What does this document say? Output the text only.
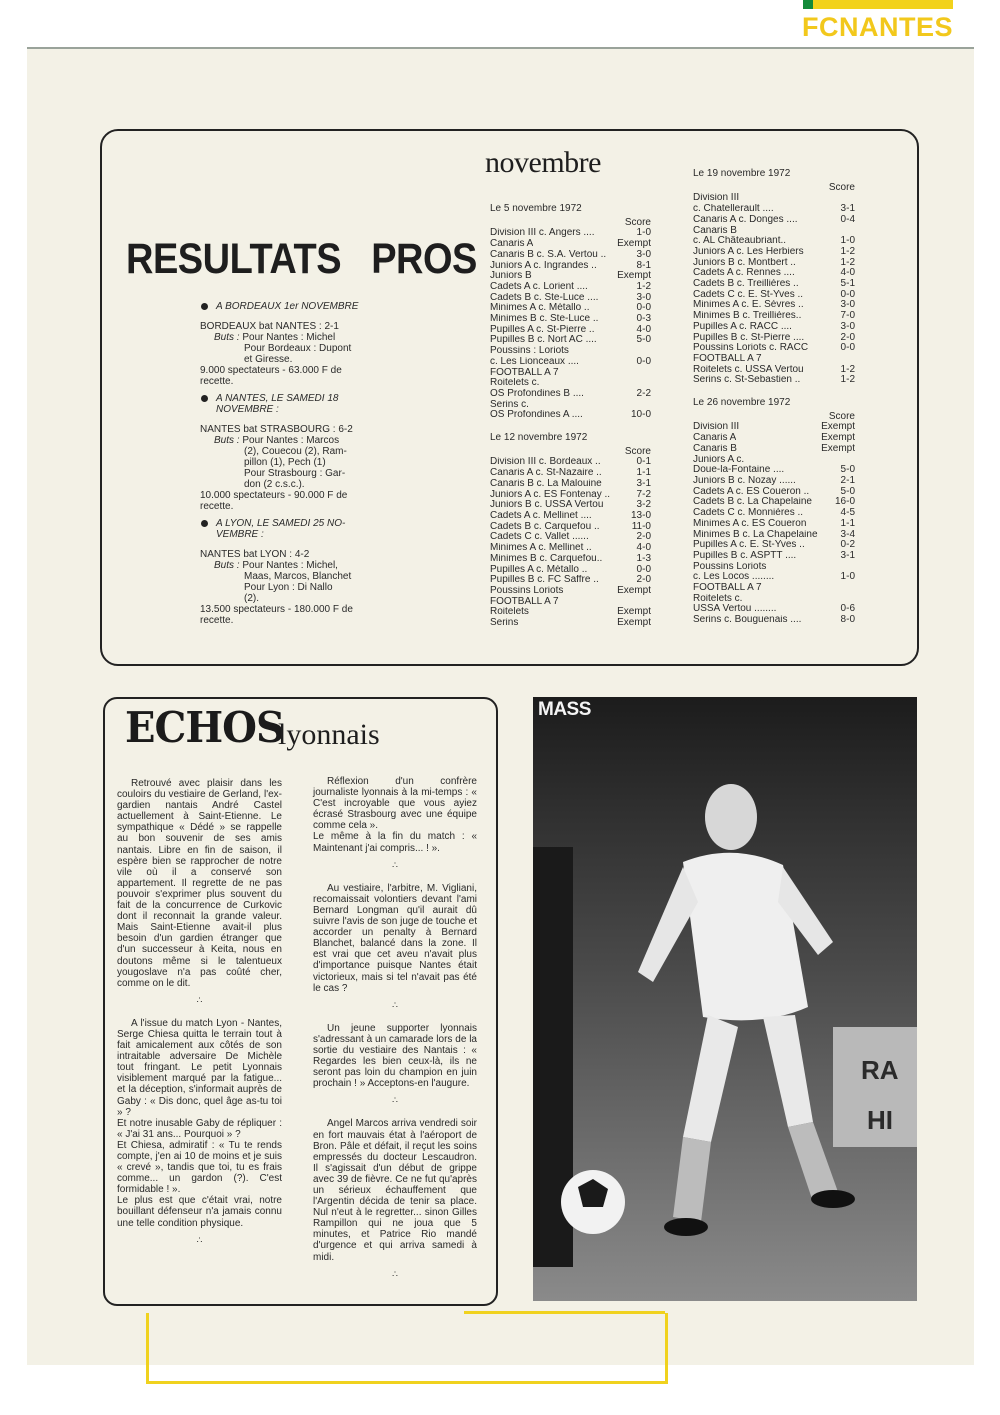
FCNANTES
RESULTATS   PROS
novembre
A BORDEAUX 1er NOVEMBRE

BORDEAUX bat NANTES : 2-1

Buts : Pour Nantes : Michel

Pour Bordeaux : Dupont

et Giresse.

9.000 spectateurs - 63.000 F de recette.

A NANTES, LE SAMEDI 18 NOVEMBRE :

NANTES bat STRASBOURG : 6-2

Buts : Pour Nantes : Marcos

(2), Couecou (2), Ram-

pillon (1), Pech (1)

Pour Strasbourg : Gar-

don (2 c.s.c.).

10.000 spectateurs - 90.000 F de recette.

A LYON, LE SAMEDI 25 NO-VEMBRE :

NANTES bat LYON : 4-2

Buts : Pour Nantes : Michel,

Maas, Marcos, Blanchet

Pour Lyon : Di Nallo

(2).

13.500 spectateurs - 180.000 F de recette.

Le 5 novembre 1972
Score
Division III c. Angers ....	1-0
Canaris A	Exempt
Canaris B c. S.A. Vertou ..	3-0
Juniors A c. Ingrandes ..	8-1
Juniors B	Exempt
Cadets A c. Lorient ....	1-2
Cadets B c. Ste-Luce ....	3-0
Minimes A c. Métallo ..	0-0
Minimes B c. Ste-Luce ..	0-3
Pupilles A c. St-Pierre ..	4-0
Pupilles B c. Nort AC ....	5-0
Poussins : Loriots
c. Les Lionceaux ....	0-0
FOOTBALL A 7
Roitelets c.
OS Profondines B ....	2-2
Serins c.
OS Profondines A ....	10-0
Le 12 novembre 1972
Score
Division III c. Bordeaux ..	0-1
Canaris A c. St-Nazaire ..	1-1
Canaris B c. La Malouine	3-1
Juniors A c. ES Fontenay ..	7-2
Juniors B c. USSA Vertou	3-2
Cadets A c. Mellinet ....	13-0
Cadets B c. Carquefou ..	11-0
Cadets C c. Vallet ......	2-0
Minimes A c. Mellinet ..	4-0
Minimes B c. Carquefou..	1-3
Pupilles A c. Métallo ..	0-0
Pupilles B c. FC Saffre ..	2-0
Poussins Loriots	Exempt
FOOTBALL A 7
Roitelets	Exempt
Serins	Exempt
Le 19 novembre 1972
Score
Division III
c. Chatellerault ....	3-1
Canaris A c. Donges ....	0-4
Canaris B
c. AL Châteaubriant..	1-0
Juniors A c. Les Herbiers	1-2
Juniors B c. Montbert ..	1-2
Cadets A c. Rennes ....	4-0
Cadets B c. Treillières ..	5-1
Cadets C c. E. St-Yves ..	0-0
Minimes A c. E. Sèvres ..	3-0
Minimes B c. Treillières..	7-0
Pupilles A c. RACC ....	3-0
Pupilles B c. St-Pierre ....	2-0
Poussins Loriots c. RACC	0-0
FOOTBALL A 7
Roitelets c. USSA Vertou	1-2
Serins c. St-Sebastien ..	1-2
Le 26 novembre 1972
Score
Division III	Exempt
Canaris A	Exempt
Canaris B	Exempt
Juniors A c.
Doue-la-Fontaine ....	5-0
Juniors B c. Nozay ......	2-1
Cadets A c. ES Coueron ..	5-0
Cadets B c. La Chapelaine	16-0
Cadets C c. Monnières ..	4-5
Minimes A c. ES Coueron	1-1
Minimes B c. La Chapelaine	3-4
Pupilles A c. E. St-Yves ..	0-2
Pupilles B c. ASPTT ....	3-1
Poussins Loriots
c. Les Locos ........	1-0
FOOTBALL A 7
Roitelets c.
USSA Vertou ........	0-6
Serins c. Bouguenais ....	8-0
ECHOS
lyonnais

Retrouvé avec plaisir dans les couloirs du vestiaire de Gerland, l'ex-gardien nantais André Castel actuellement à Saint-Etienne. Le sympathique « Dédé » se rappelle au bon souvenir de ses amis nantais. Libre en fin de saison, il espère bien se rapprocher de notre vile où il a conservé son appartement. Il regrette de ne pas pouvoir s'exprimer plus souvent du fait de la concurrence de Curkovic dont il reconnait la grande valeur. Mais Saint-Etienne avait-il plus besoin d'un gardien étranger que d'un successeur à Keita, nous en doutons même si le talentueux yougoslave n'a pas coûté cher, comme on le dit.

∴

A l'issue du match Lyon - Nantes, Serge Chiesa quitta le terrain tout à fait amicalement aux côtés de son intraitable adversaire De Michèle tout fringant. Le petit Lyonnais visiblement marqué par la fatigue... et la déception, s'informait auprès de Gaby : « Dis donc, quel âge as-tu toi » ?
Et notre inusable Gaby de répliquer : « J'ai 31 ans... Pourquoi » ?
Et Chiesa, admiratif : « Tu te rends compte, j'en ai 10 de moins et je suis « crevé », tandis que toi, tu es frais comme... un gardon (?). C'est formidable ! ».
Le plus est que c'était vrai, notre bouillant défenseur n'a jamais connu une telle condition physique.

∴

Réflexion d'un confrère journaliste lyonnais à la mi-temps : « C'est incroyable que vous ayiez écrasé Strasbourg avec une équipe comme cela ».
Le même à la fin du match : « Maintenant j'ai compris... ! ».

∴

Au vestiaire, l'arbitre, M. Vigliani, recomaissait volontiers devant l'ami Bernard Longman qu'il aurait dû suivre l'avis de son juge de touche et accorder un penalty à Bernard Blanchet, balancé dans la zone. Il est vrai que cet aveu n'avait plus d'importance puisque Nantes était victorieux, mais si tel n'avait pas été le cas ?

∴

Un jeune supporter lyonnais s'adressant à un camarade lors de la sortie du vestiaire des Nantais : « Regardes les bien ceux-là, ils ne seront pas loin du champion en juin prochain ! » Acceptons-en l'augure.

∴

Angel Marcos arriva vendredi soir en fort mauvais état à l'aéroport de Bron. Pâle et défait, il reçut les soins empressés du docteur Lescaudron. Il s'agissait d'un début de grippe avec 39 de fièvre. Ce ne fut qu'après un sérieux échauffement que l'Argentin décida de tenir sa place. Nul n'eut à le regretter... sinon Gilles Rampillon qui ne joua que 5 minutes, et Patrice Rio mandé d'urgence et qui arriva samedi à midi.

∴
RA
HI
MASS
